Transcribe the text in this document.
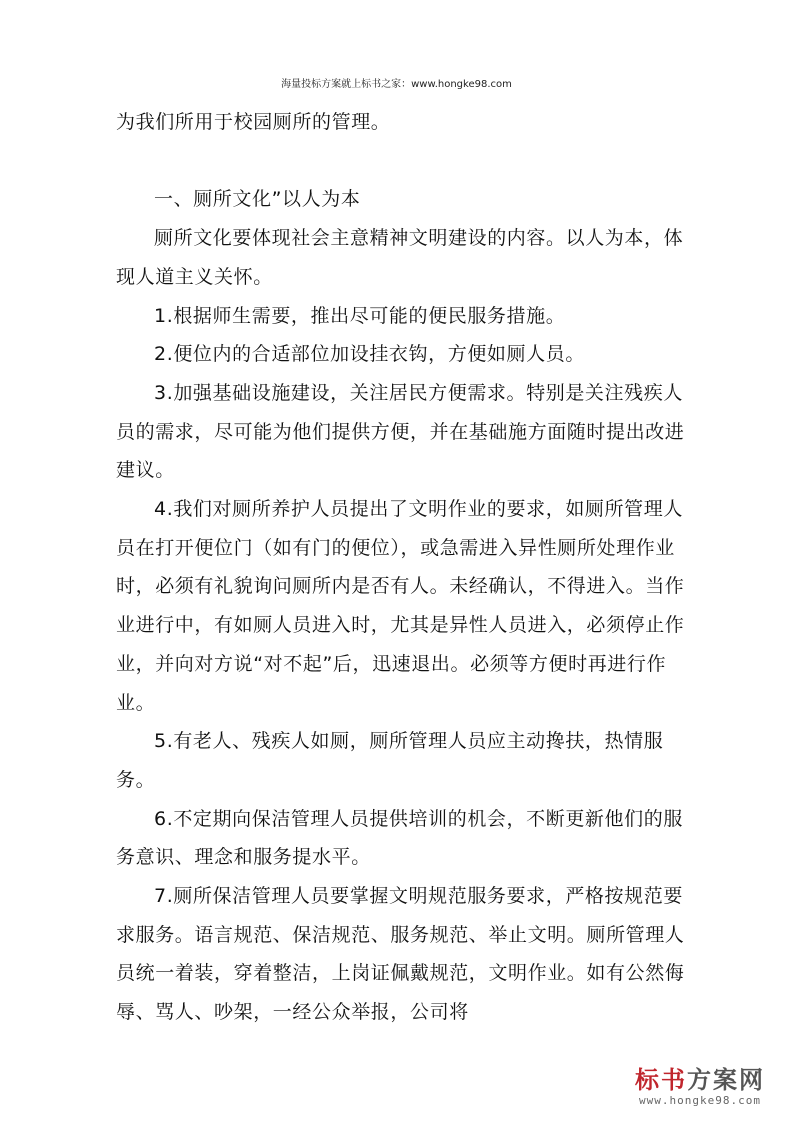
海量投标方案就上标书之家：www.hongke98.com

为我们所用于校园厕所的管理。

一、厕所文化”以人为本

厕所文化要体现社会主意精神文明建设的内容。以人为本，体现人道主义关怀。

1.根据师生需要，推出尽可能的便民服务措施。

2.便位内的合适部位加设挂衣钩，方便如厕人员。

3.加强基础设施建设，关注居民方便需求。特别是关注残疾人员的需求，尽可能为他们提供方便，并在基础施方面随时提出改进建议。

4.我们对厕所养护人员提出了文明作业的要求，如厕所管理人员在打开便位门（如有门的便位），或急需进入异性厕所处理作业时，必须有礼貌询问厕所内是否有人。未经确认，不得进入。当作业进行中，有如厕人员进入时，尤其是异性人员进入，必须停止作业，并向对方说“对不起”后，迅速退出。必须等方便时再进行作业。

5.有老人、残疾人如厕，厕所管理人员应主动搀扶，热情服务。

6.不定期向保洁管理人员提供培训的机会，不断更新他们的服务意识、理念和服务提水平。

7.厕所保洁管理人员要掌握文明规范服务要求，严格按规范要求服务。语言规范、保洁规范、服务规范、举止文明。厕所管理人员统一着装，穿着整洁，上岗证佩戴规范，文明作业。如有公然侮辱、骂人、吵架，一经公众举报，公司将

标书方案网
www.hongke98.com
